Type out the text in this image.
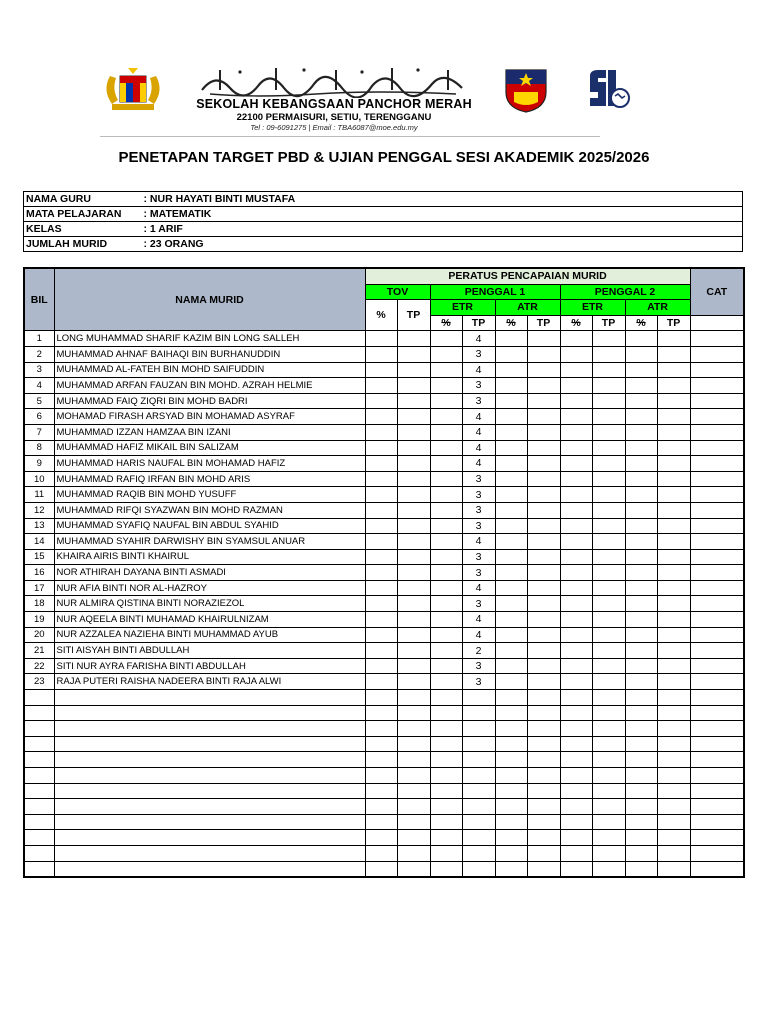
SEKOLAH KEBANGSAAN PANCHOR MERAH
22100 PERMAISURI, SETIU, TERENGGANU
Tel : 09-6091275 | Email : TBA6087@moe.edu.my
PENETAPAN TARGET PBD & UJIAN PENGGAL SESI AKADEMIK 2025/2026
NAMA GURU	: NUR HAYATI BINTI MUSTAFA
MATA PELAJARAN	: MATEMATIK
KELAS	: 1 ARIF
JUMLAH MURID	: 23 ORANG
BIL	NAMA MURID	PERATUS PENCAPAIAN MURID										CAT
		TOV		PENGGAL 1				PENGGAL 2				
		%	TP	ETR		ATR		ETR		ATR		
				%	TP	%	TP	%	TP	%	TP	
1	LONG MUHAMMAD SHARIF KAZIM BIN LONG SALLEH				4							
2	MUHAMMAD AHNAF BAIHAQI BIN BURHANUDDIN				3							
3	MUHAMMAD AL-FATEH BIN MOHD SAIFUDDIN				4							
4	MUHAMMAD ARFAN FAUZAN BIN MOHD. AZRAH HELMIE				3							
5	MUHAMMAD FAIQ ZIQRI BIN MOHD BADRI				3							
6	MOHAMAD FIRASH ARSYAD BIN MOHAMAD ASYRAF				4							
7	MUHAMMAD IZZAN HAMZAA BIN IZANI				4							
8	MUHAMMAD HAFIZ MIKAIL BIN SALIZAM				4							
9	MUHAMMAD HARIS NAUFAL BIN MOHAMAD HAFIZ				4							
10	MUHAMMAD RAFIQ IRFAN BIN MOHD ARIS				3							
11	MUHAMMAD RAQIB BIN MOHD YUSUFF				3							
12	MUHAMMAD RIFQI SYAZWAN BIN MOHD RAZMAN				3							
13	MUHAMMAD SYAFIQ NAUFAL BIN ABDUL SYAHID				3							
14	MUHAMMAD SYAHIR DARWISHY BIN SYAMSUL ANUAR				4							
15	KHAIRA AIRIS BINTI KHAIRUL				3							
16	NOR ATHIRAH DAYANA BINTI ASMADI				3							
17	NUR AFIA BINTI NOR AL-HAZROY				4							
18	NUR ALMIRA QISTINA BINTI NORAZIEZOL				3							
19	NUR AQEELA BINTI MUHAMAD KHAIRULNIZAM				4							
20	NUR AZZALEA NAZIEHA BINTI MUHAMMAD AYUB				4							
21	SITI AISYAH BINTI ABDULLAH				2							
22	SITI NUR AYRA FARISHA BINTI ABDULLAH				3							
23	RAJA PUTERI RAISHA NADEERA BINTI RAJA ALWI				3							
